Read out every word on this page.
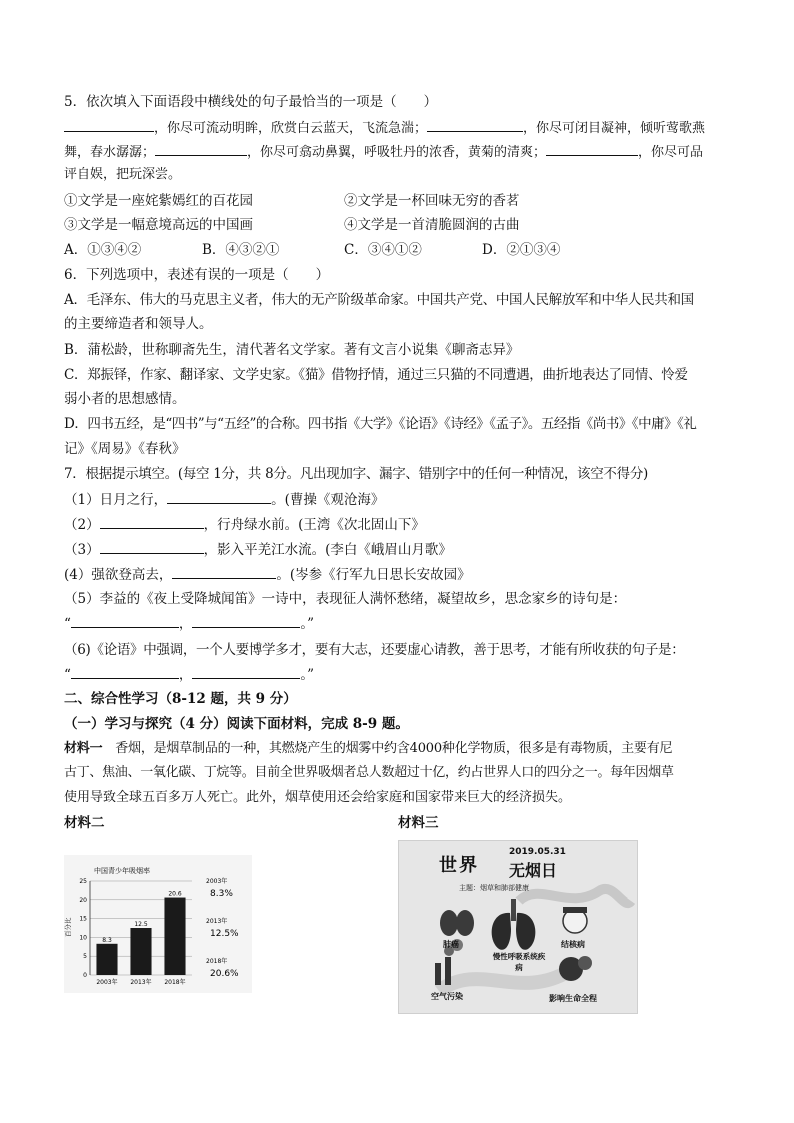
5．依次填入下面语段中横线处的句子最恰当的一项是（　　）
，你尽可流动明眸，欣赏白云蓝天，飞流急湍；	，你尽可闭目凝神，倾听莺歌燕
舞，春水潺潺；	，你尽可翕动鼻翼，呼吸牡丹的浓香，黄菊的清爽；	，你尽可品
评自娱，把玩深尝。
①文学是一座姹紫嫣红的百花园	②文学是一杯回味无穷的香茗
③文学是一幅意境高远的中国画	④文学是一首清脆圆润的古曲
A．①③④②	B．④③②①	C．③④①②	D．②①③④
6．下列选项中，表述有误的一项是（　　）
A．毛泽东、伟大的马克思主义者，伟大的无产阶级革命家。中国共产党、中国人民解放军和中华人民共和国
的主要缔造者和领导人。
B．蒲松龄，世称聊斋先生，清代著名文学家。著有文言小说集《聊斋志异》
C．郑振铎，作家、翻译家、文学史家。《猫》借物抒情，通过三只猫的不同遭遇，曲折地表达了同情、怜爱
弱小者的思想感情。
D．四书五经，是“四书”与“五经”的合称。四书指《大学》《论语》《诗经》《孟子》。五经指《尚书》《中庸》《礼
记》《周易》《春秋》
7．根据提示填空。(每空 1分，共 8分。凡出现加字、漏字、错别字中的任何一种情况，该空不得分)
（1）日月之行，	。(曹操《观沧海》
（2）	，行舟绿水前。(王湾《次北固山下》
（3）	，影入平羌江水流。(李白《峨眉山月歌》
(4）强欲登高去，	。(岑参《行军九日思长安故园》
（5）李益的《夜上受降城闻笛》一诗中，表现征人满怀愁绪，凝望故乡，思念家乡的诗句是：
“	，	。”
（6)《论语》中强调，一个人要博学多才，要有大志，还要虚心请教，善于思考，才能有所收获的句子是：
“	，	。”
二、综合性学习（8-12 题，共 9 分）
（一）学习与探究（4 分）阅读下面材料，完成 8-9 题。
材料一  香烟，是烟草制品的一种，其燃烧产生的烟雾中约含4000种化学物质，很多是有毒物质，主要有尼
古丁、焦油、一氧化碳、丁烷等。目前全世界吸烟者总人数超过十亿，约占世界人口的四分之一。每年因烟草
使用导致全球五百多万人死亡。此外，烟草使用还会给家庭和国家带来巨大的经济损失。
材料二	材料三
中国青少年吸烟率
百分比
0
5
10
15
20
25
8.3
2003年
12.5
2013年
20.6
2018年
2003年
8.3%
2013年
12.5%
2018年
20.6%
世界
2019.05.31
无烟日
主题：烟草和肺部健康
肺癌
慢性呼吸系统疾病
结核病
空气污染	影响生命全程
